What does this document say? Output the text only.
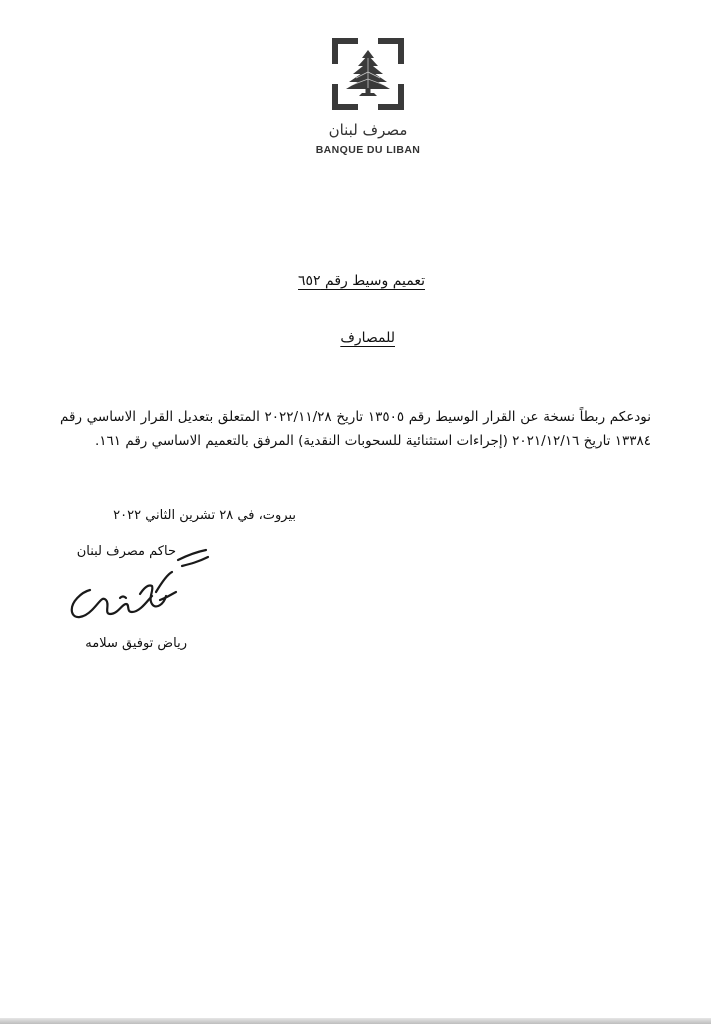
مصرف لبنان
BANQUE DU LIBAN
تعميم وسيط رقم ٦٥٢
للمصارف
نودعكم ربطاً نسخة عن القرار الوسيط رقم ١٣٥٠٥ تاريخ ٢٠٢٢/١١/٢٨ المتعلق بتعديل القرار الاساسي رقم ١٣٣٨٤ تاريخ ٢٠٢١/١٢/١٦ (إجراءات استثنائية للسحوبات النقدية) المرفق بالتعميم الاساسي رقم ١٦١.
بيروت، في ٢٨ تشرين الثاني ٢٠٢٢
حاكم مصرف لبنان
رياض توفيق سلامه
